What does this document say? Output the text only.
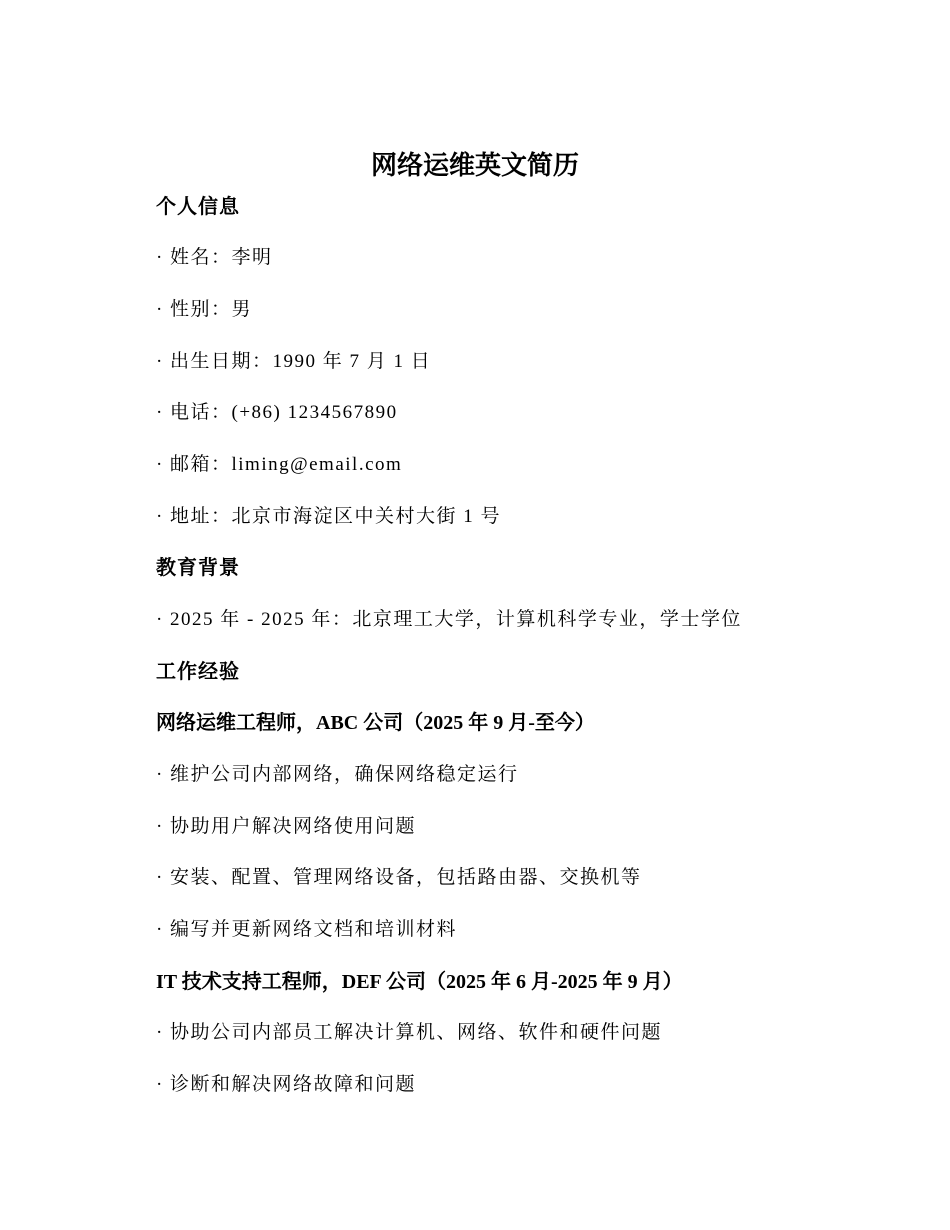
网络运维英文简历
个人信息
· 姓名：李明
· 性别：男
· 出生日期：1990 年 7 月 1 日
· 电话：(+86) 1234567890
· 邮箱：liming@email.com
· 地址：北京市海淀区中关村大街 1 号
教育背景
· 2025 年 - 2025 年：北京理工大学，计算机科学专业，学士学位
工作经验
网络运维工程师，ABC 公司（2025 年 9 月-至今）
· 维护公司内部网络，确保网络稳定运行
· 协助用户解决网络使用问题
· 安装、配置、管理网络设备，包括路由器、交换机等
· 编写并更新网络文档和培训材料
IT 技术支持工程师，DEF 公司（2025 年 6 月-2025 年 9 月）
· 协助公司内部员工解决计算机、网络、软件和硬件问题
· 诊断和解决网络故障和问题
